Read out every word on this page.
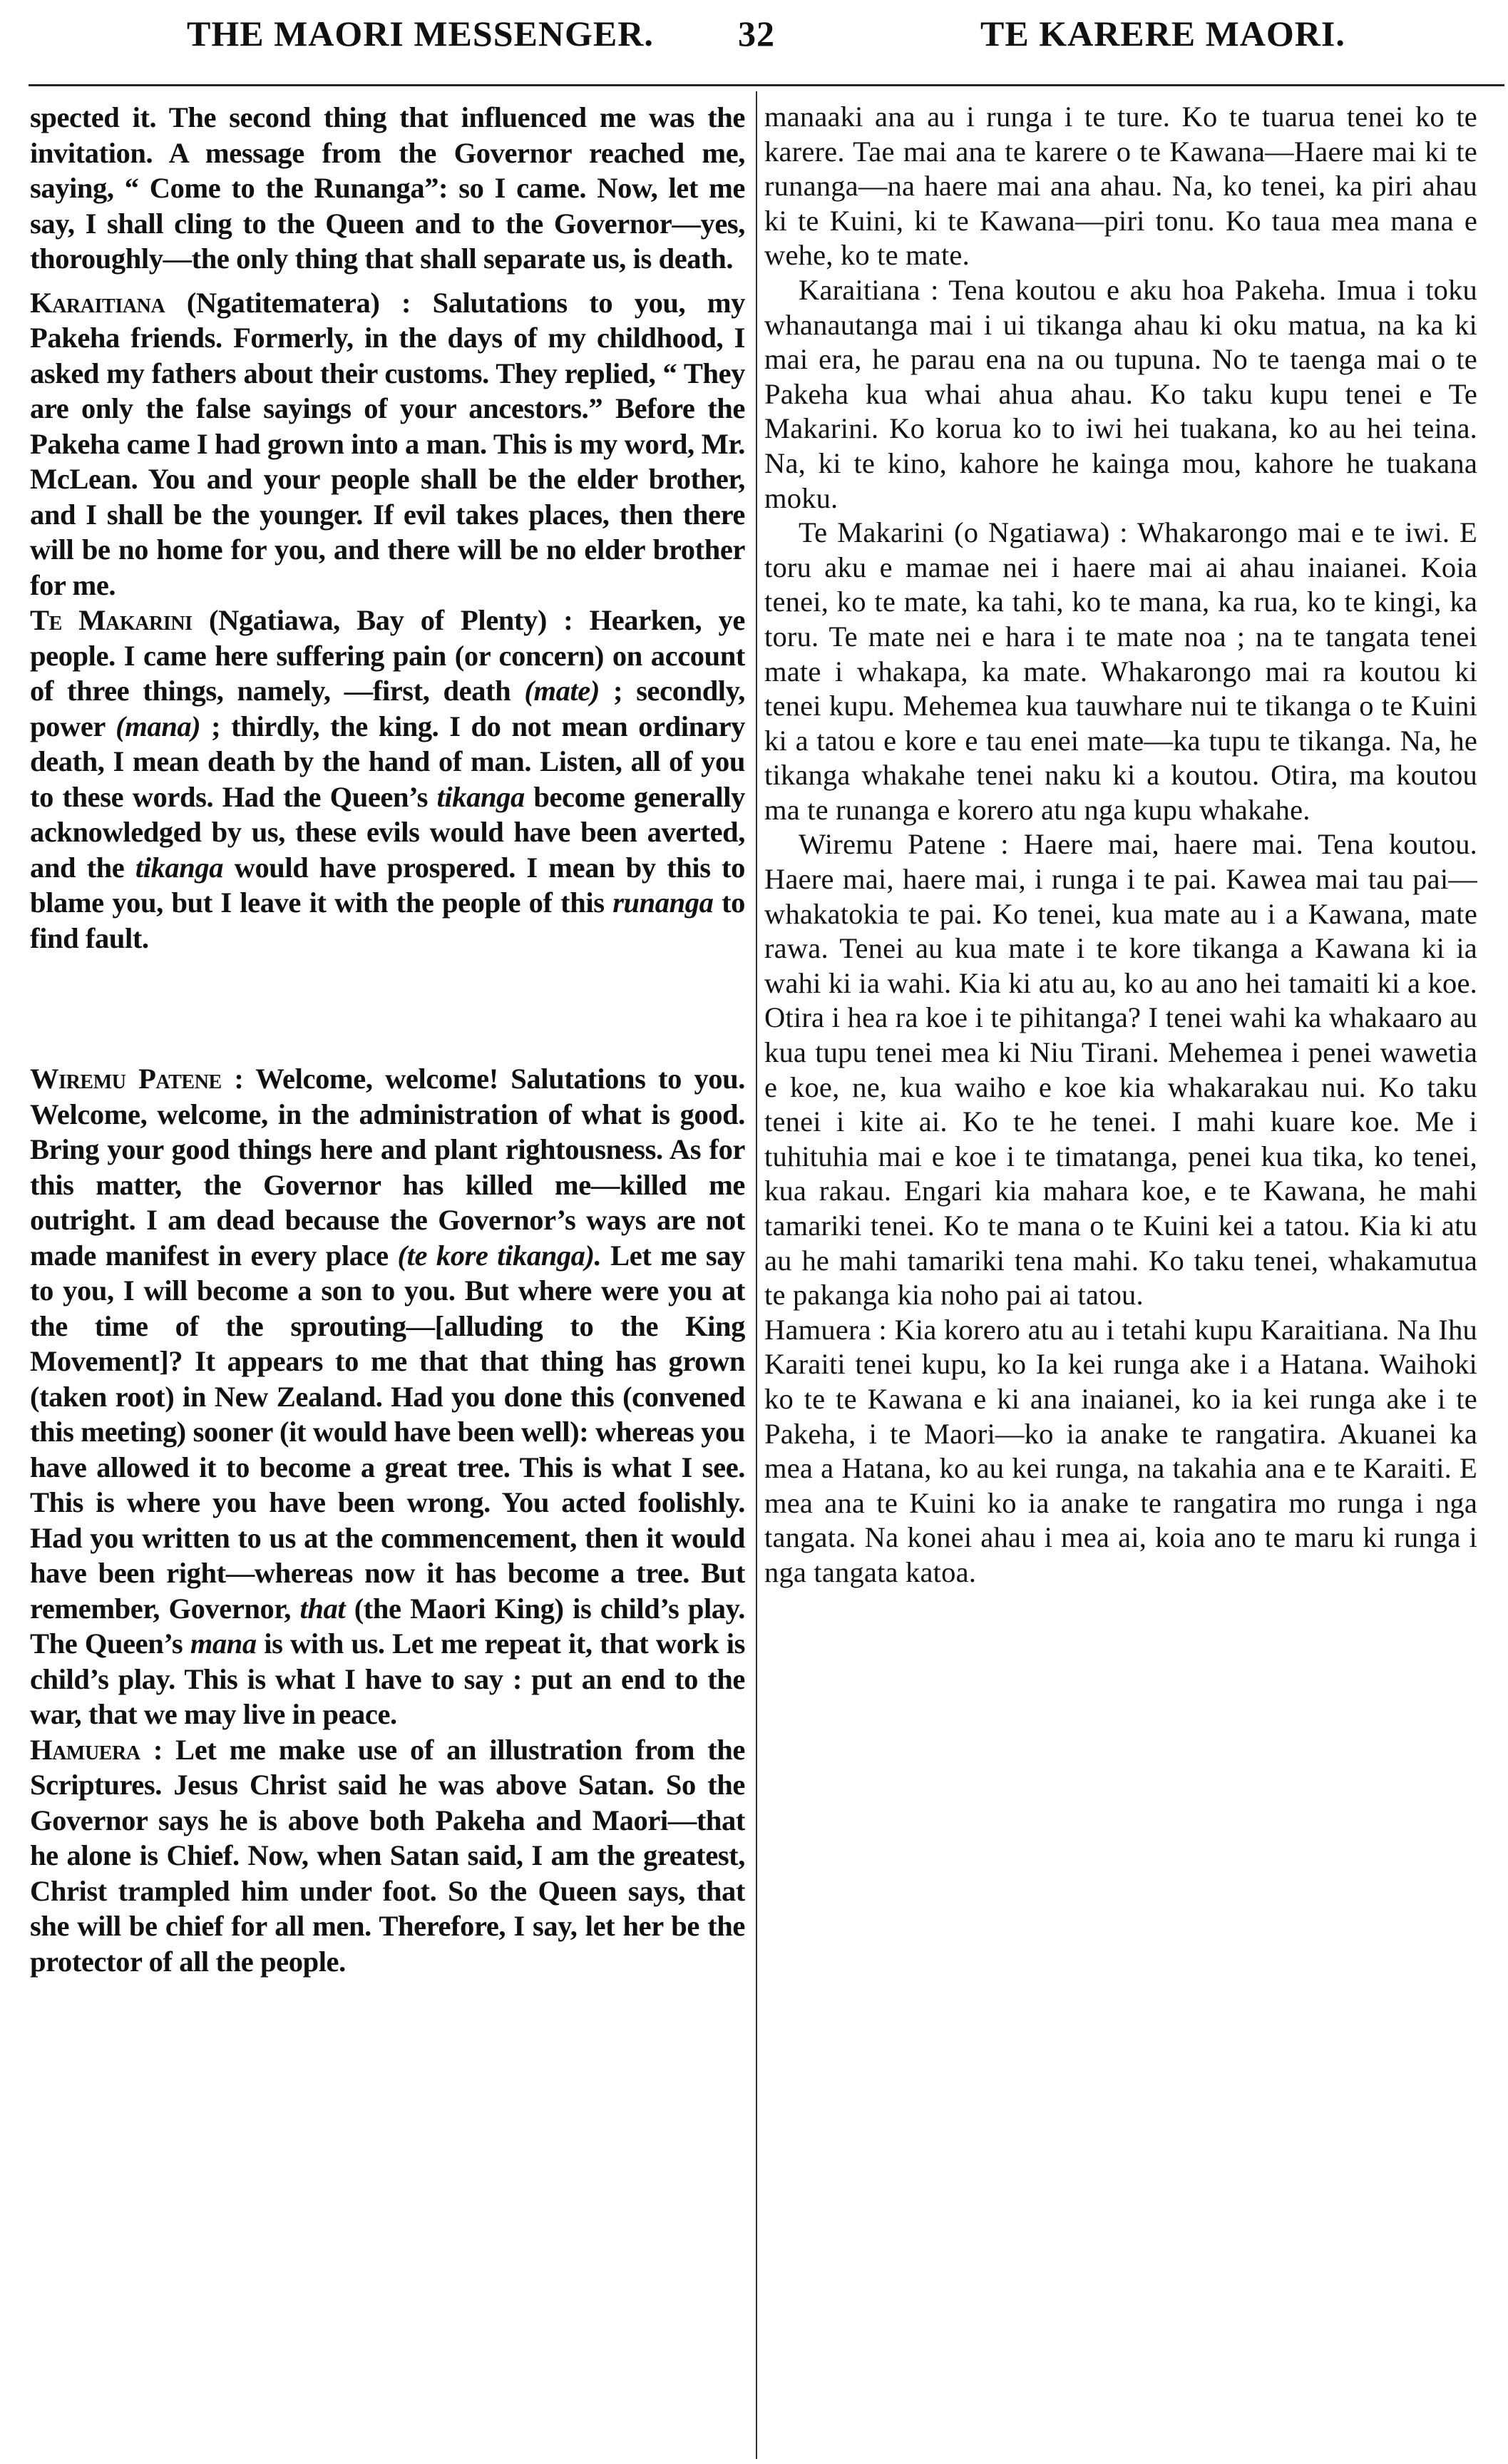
THE MAORI MESSENGER. 32	TE KARERE MAORI.

spected it. The second thing that influenced me was the invitation. A message from the Governor reached me, saying, “ Come to the Runanga”: so I came. Now, let me say, I shall cling to the Queen and to the Governor—yes, thoroughly—the only thing that shall separate us, is death.

Karaitiana (Ngatitematera) : Salutations to you, my Pakeha friends. Formerly, in the days of my childhood, I asked my fathers about their customs. They replied, “ They are only the false sayings of your ancestors.” Before the Pakeha came I had grown into a man. This is my word, Mr. McLean. You and your people shall be the elder brother, and I shall be the younger. If evil takes places, then there will be no home for you, and there will be no elder brother for me.

Te Makarini (Ngatiawa, Bay of Plenty) : Hearken, ye people. I came here suffering pain (or concern) on account of three things, namely, —first, death (mate) ; secondly, power (mana) ; thirdly, the king. I do not mean ordinary death, I mean death by the hand of man. Listen, all of you to these words. Had the Queen’s tikanga become generally acknowledged by us, these evils would have been averted, and the tikanga would have prospered. I mean by this to blame you, but I leave it with the people of this runanga to find fault.

Wiremu Patene : Welcome, welcome! Salutations to you. Welcome, welcome, in the administration of what is good. Bring your good things here and plant rightousness. As for this matter, the Governor has killed me—killed me outright. I am dead because the Governor’s ways are not made manifest in every place (te kore tikanga). Let me say to you, I will become a son to you. But where were you at the time of the sprouting—[alluding to the King Movement]? It appears to me that that thing has grown (taken root) in New Zealand. Had you done this (convened this meeting) sooner (it would have been well): whereas you have allowed it to become a great tree. This is what I see. This is where you have been wrong. You acted foolishly. Had you written to us at the commencement, then it would have been right—whereas now it has become a tree. But remember, Governor, that (the Maori King) is child’s play. The Queen’s mana is with us. Let me repeat it, that work is child’s play. This is what I have to say : put an end to the war, that we may live in peace.

Hamuera : Let me make use of an illustration from the Scriptures. Jesus Christ said he was above Satan. So the Governor says he is above both Pakeha and Maori—that he alone is Chief. Now, when Satan said, I am the greatest, Christ trampled him under foot. So the Queen says, that she will be chief for all men. Therefore, I say, let her be the protector of all the people.

manaaki ana au i runga i te ture. Ko te tuarua tenei ko te karere. Tae mai ana te karere o te Kawana—Haere mai ki te runanga—na haere mai ana ahau. Na, ko tenei, ka piri ahau ki te Kuini, ki te Kawana—piri tonu. Ko taua mea mana e wehe, ko te mate.

Karaitiana : Tena koutou e aku hoa Pakeha. Imua i toku whanautanga mai i ui tikanga ahau ki oku matua, na ka ki mai era, he parau ena na ou tupuna. No te taenga mai o te Pakeha kua whai ahua ahau. Ko taku kupu tenei e Te Makarini. Ko korua ko to iwi hei tuakana, ko au hei teina. Na, ki te kino, kahore he kainga mou, kahore he tuakana moku.

Te Makarini (o Ngatiawa) : Whakarongo mai e te iwi. E toru aku e mamae nei i haere mai ai ahau inaianei. Koia tenei, ko te mate, ka tahi, ko te mana, ka rua, ko te kingi, ka toru. Te mate nei e hara i te mate noa ; na te tangata tenei mate i whakapa, ka mate. Whakarongo mai ra koutou ki tenei kupu. Mehemea kua tauwhare nui te tikanga o te Kuini ki a tatou e kore e tau enei mate—ka tupu te tikanga. Na, he tikanga whakahe tenei naku ki a koutou. Otira, ma koutou ma te runanga e korero atu nga kupu whakahe.

Wiremu Patene : Haere mai, haere mai. Tena koutou. Haere mai, haere mai, i runga i te pai. Kawea mai tau pai—whakatokia te pai. Ko tenei, kua mate au i a Kawana, mate rawa. Tenei au kua mate i te kore tikanga a Kawana ki ia wahi ki ia wahi. Kia ki atu au, ko au ano hei tamaiti ki a koe. Otira i hea ra koe i te pihitanga? I tenei wahi ka whakaaro au kua tupu tenei mea ki Niu Tirani. Mehemea i penei wawetia e koe, ne, kua waiho e koe kia whakarakau nui. Ko taku tenei i kite ai. Ko te he tenei. I mahi kuare koe. Me i tuhituhia mai e koe i te timatanga, penei kua tika, ko tenei, kua rakau. Engari kia mahara koe, e te Kawana, he mahi tamariki tenei. Ko te mana o te Kuini kei a tatou. Kia ki atu au he mahi tamariki tena mahi. Ko taku tenei, whakamutua te pakanga kia noho pai ai tatou.

Hamuera : Kia korero atu au i tetahi kupu Karaitiana. Na Ihu Karaiti tenei kupu, ko Ia kei runga ake i a Hatana. Waihoki ko te te Kawana e ki ana inaianei, ko ia kei runga ake i te Pakeha, i te Maori—ko ia anake te rangatira. Akuanei ka mea a Hatana, ko au kei runga, na takahia ana e te Karaiti. E mea ana te Kuini ko ia anake te rangatira mo runga i nga tangata. Na konei ahau i mea ai, koia ano te maru ki runga i nga tangata katoa.
